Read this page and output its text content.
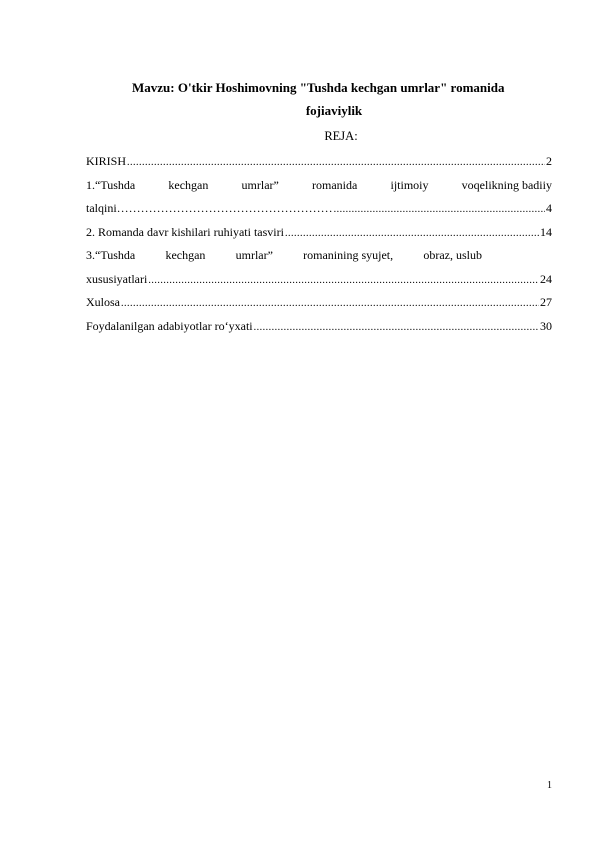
Mavzu: O'tkir Hoshimovning "Tushda kechgan umrlar" romanida
fojiaviylik
REJA:
KIRISH .....	2
1.“Tushda	kechgan	umrlar”	romanida	ijtimoiy	voqelikning badiiy
talqini……………………………………………… .....	4
2. Romanda davr kishilari ruhiyati tasviri .....	14
3.“Tushda	kechgan	umrlar”	romanining syujet,	obraz, uslub
xususiyatlari .....	24
Xulosa .....	27
Foydalanilgan adabiyotlar ro‘yxati .....	30
1
